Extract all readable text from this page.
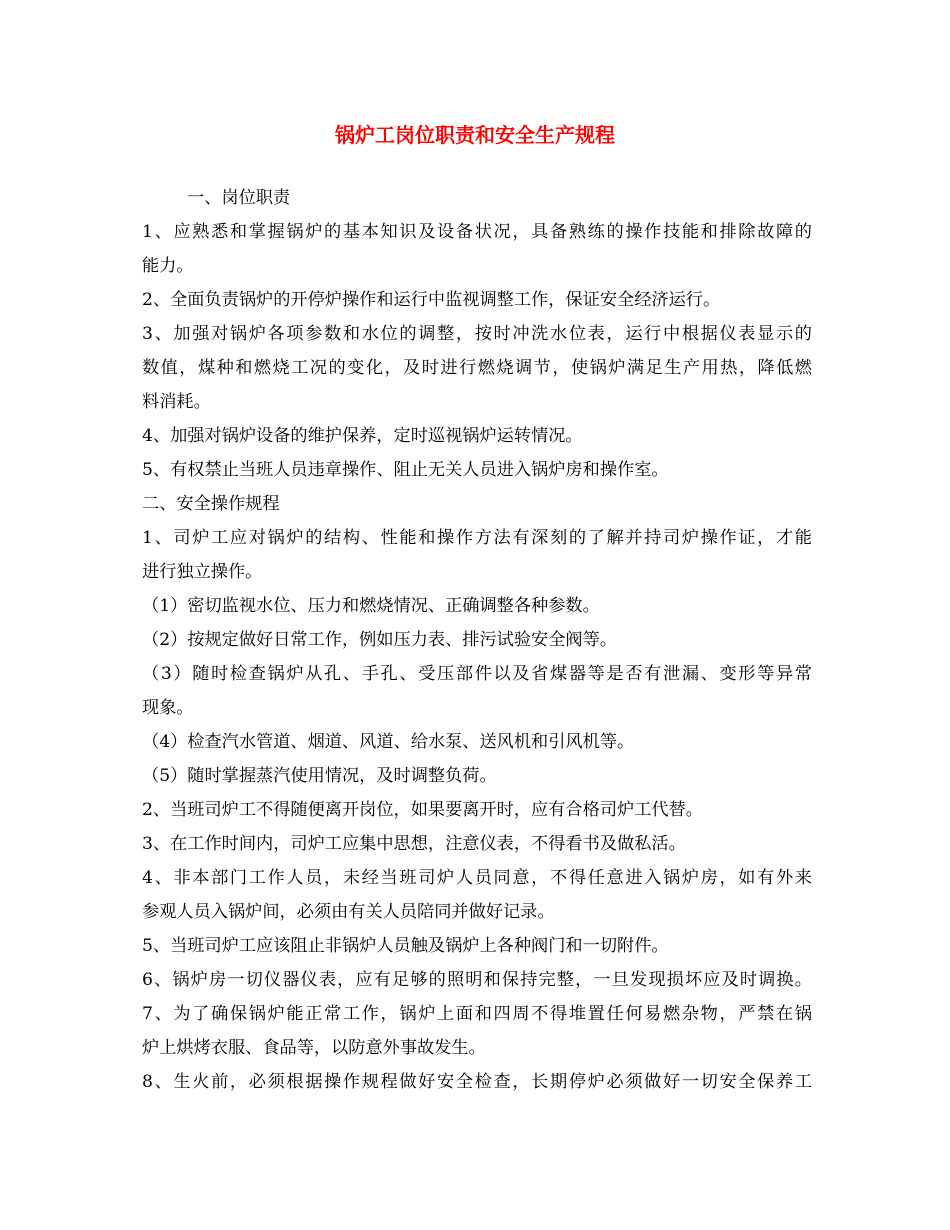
锅炉工岗位职责和安全生产规程
一、岗位职责
1、应熟悉和掌握锅炉的基本知识及设备状况，具备熟练的操作技能和排除故障的
能力。
2、全面负责锅炉的开停炉操作和运行中监视调整工作，保证安全经济运行。
3、加强对锅炉各项参数和水位的调整，按时冲洗水位表，运行中根据仪表显示的
数值，煤种和燃烧工况的变化，及时进行燃烧调节，使锅炉满足生产用热，降低燃
料消耗。
4、加强对锅炉设备的维护保养，定时巡视锅炉运转情况。
5、有权禁止当班人员违章操作、阻止无关人员进入锅炉房和操作室。
二、安全操作规程
1、司炉工应对锅炉的结构、性能和操作方法有深刻的了解并持司炉操作证，才能
进行独立操作。
（1）密切监视水位、压力和燃烧情况、正确调整各种参数。
（2）按规定做好日常工作，例如压力表、排污试验安全阀等。
（3）随时检查锅炉从孔、手孔、受压部件以及省煤器等是否有泄漏、变形等异常
现象。
（4）检查汽水管道、烟道、风道、给水泵、送风机和引风机等。
（5）随时掌握蒸汽使用情况，及时调整负荷。
2、当班司炉工不得随便离开岗位，如果要离开时，应有合格司炉工代替。
3、在工作时间内，司炉工应集中思想，注意仪表，不得看书及做私活。
4、非本部门工作人员，未经当班司炉人员同意，不得任意进入锅炉房，如有外来
参观人员入锅炉间，必须由有关人员陪同并做好记录。
5、当班司炉工应该阻止非锅炉人员触及锅炉上各种阀门和一切附件。
6、锅炉房一切仪器仪表，应有足够的照明和保持完整，一旦发现损坏应及时调换。
7、为了确保锅炉能正常工作，锅炉上面和四周不得堆置任何易燃杂物，严禁在锅
炉上烘烤衣服、食品等，以防意外事故发生。
8、生火前，必须根据操作规程做好安全检查，长期停炉必须做好一切安全保养工
